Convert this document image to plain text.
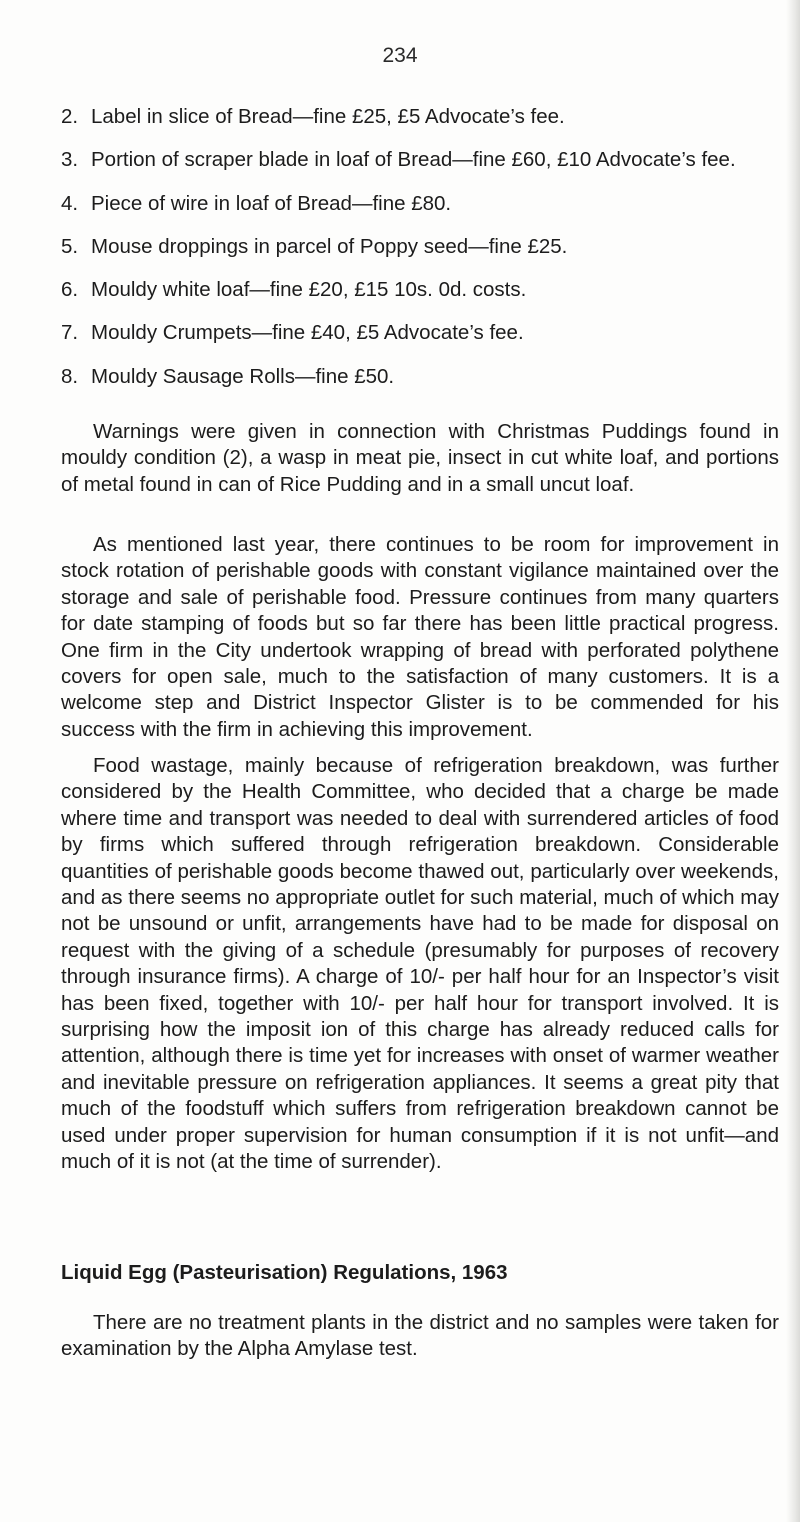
234
2. Label in slice of Bread—fine £25, £5 Advocate’s fee.
3. Portion of scraper blade in loaf of Bread—fine £60, £10 Advocate’s fee.
4. Piece of wire in loaf of Bread—fine £80.
5. Mouse droppings in parcel of Poppy seed—fine £25.
6. Mouldy white loaf—fine £20, £15 10s. 0d. costs.
7. Mouldy Crumpets—fine £40, £5 Advocate’s fee.
8. Mouldy Sausage Rolls—fine £50.

Warnings were given in connection with Christmas Puddings found in mouldy condition (2), a wasp in meat pie, insect in cut white loaf, and portions of metal found in can of Rice Pudding and in a small uncut loaf.

As mentioned last year, there continues to be room for improvement in stock rotation of perishable goods with constant vigilance maintained over the storage and sale of perishable food. Pressure continues from many quarters for date stamping of foods but so far there has been little practical progress. One firm in the City undertook wrapping of bread with perforated polythene covers for open sale, much to the satisfaction of many customers. It is a welcome step and District Inspector Glister is to be commended for his success with the firm in achieving this improvement.

Food wastage, mainly because of refrigeration breakdown, was further considered by the Health Committee, who decided that a charge be made where time and transport was needed to deal with surrendered articles of food by firms which suffered through refrigeration breakdown. Considerable quantities of perishable goods become thawed out, particularly over weekends, and as there seems no appropriate outlet for such material, much of which may not be unsound or unfit, arrangements have had to be made for disposal on request with the giving of a schedule (presumably for purposes of recovery through insurance firms). A charge of 10/- per half hour for an Inspector’s visit has been fixed, together with 10/- per half hour for transport involved. It is surprising how the imposit ion of this charge has already reduced calls for attention, although there is time yet for increases with onset of warmer weather and inevitable pressure on refrigeration appliances. It seems a great pity that much of the foodstuff which suffers from refrigeration breakdown cannot be used under proper supervision for human consumption if it is not unfit—and much of it is not (at the time of surrender).

Liquid Egg (Pasteurisation) Regulations, 1963

There are no treatment plants in the district and no samples were taken for examination by the Alpha Amylase test.
